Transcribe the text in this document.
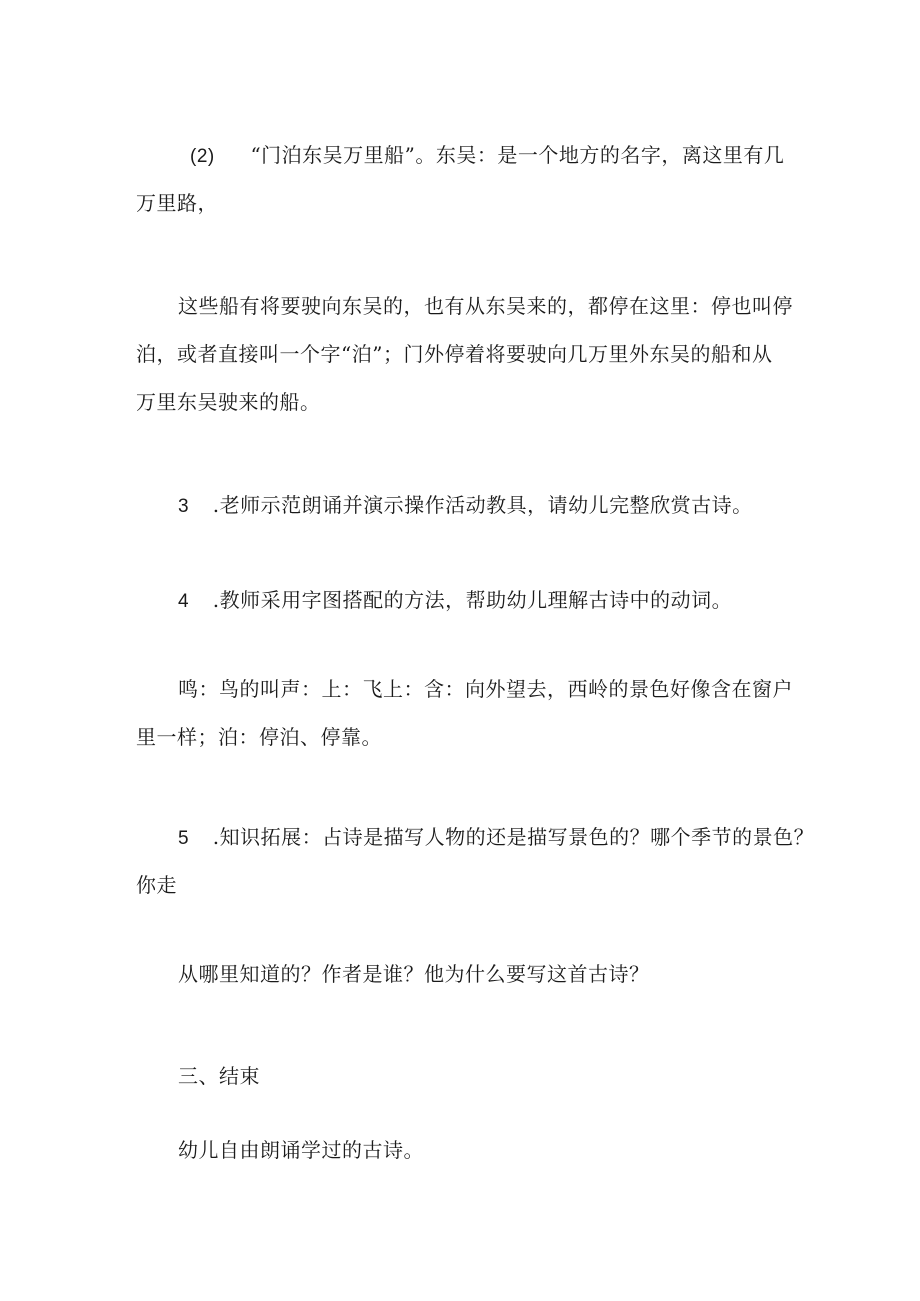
(2) “门泊东吴万里船”。东吴：是一个地方的名字，离这里有几
万里路，
这些船有将要驶向东吴的，也有从东吴来的，都停在这里：停也叫停
泊，或者直接叫一个字“泊”；门外停着将要驶向几万里外东吴的船和从
万里东吴驶来的船。
3 .老师示范朗诵并演示操作活动教具，请幼儿完整欣赏古诗。
4 .教师采用字图搭配的方法，帮助幼儿理解古诗中的动词。
鸣：鸟的叫声：上：飞上：含：向外望去，西岭的景色好像含在窗户
里一样；泊：停泊、停靠。
5 .知识拓展：占诗是描写人物的还是描写景色的？哪个季节的景色？
你走
从哪里知道的？作者是谁？他为什么要写这首古诗？
三、结束
幼儿自由朗诵学过的古诗。
